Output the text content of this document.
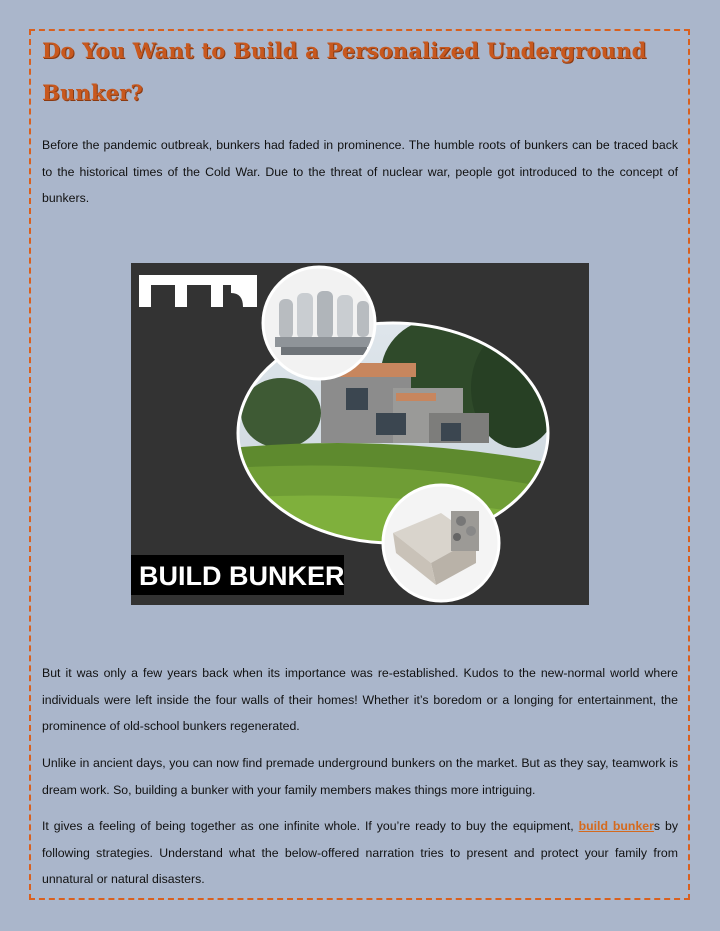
Do You Want to Build a Personalized Underground Bunker?

Before the pandemic outbreak, bunkers had faded in prominence. The humble roots of bunkers can be traced back to the historical times of the Cold War. Due to the threat of nuclear war, people got introduced to the concept of bunkers.

BUILD BUNKER

But it was only a few years back when its importance was re-established. Kudos to the new-normal world where individuals were left inside the four walls of their homes! Whether it’s boredom or a longing for entertainment, the prominence of old-school bunkers regenerated.

Unlike in ancient days, you can now find premade underground bunkers on the market. But as they say, teamwork is dream work. So, building a bunker with your family members makes things more intriguing.

It gives a feeling of being together as one infinite whole. If you’re ready to buy the equipment, build bunkers by following strategies. Understand what the below-offered narration tries to present and protect your family from unnatural or natural disasters.
